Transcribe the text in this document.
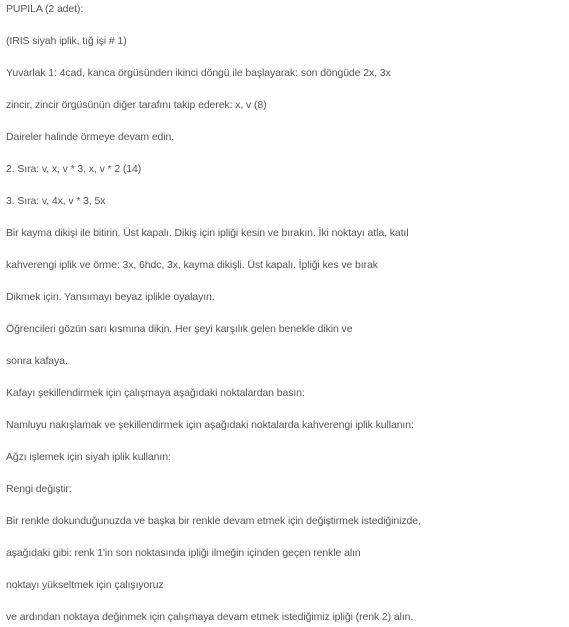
PUPILA (2 adet):
(IRIS siyah iplik, tığ işi # 1)
Yuvarlak 1: 4cad, kanca örgüsünden ikinci döngü ile başlayarak: son döngüde 2x, 3x
zincir, zincir örgüsünün diğer tarafını takip ederek: x, v (8)
Daireler halinde örmeye devam edin.
2. Sıra: v, x, v * 3, x, v * 2 (14)
3. Sıra: v, 4x, v * 3, 5x
Bir kayma dikişi ile bitirin. Üst kapalı. Dikiş için ipliği kesin ve bırakın. İki noktayı atla, katıl
kahverengi iplik ve örme: 3x, 6hdc, 3x, kayma dikişli. Üst kapalı. İpliği kes ve bırak
Dikmek için. Yansımayı beyaz iplikle oyalayın.
Öğrencileri gözün sarı kısmına dikin. Her şeyi karşılık gelen benekle dikin ve
sonra kafaya.
Kafayı şekillendirmek için çalışmaya aşağıdaki noktalardan basın:
Namluyu nakışlamak ve şekillendirmek için aşağıdaki noktalarda kahverengi iplik kullanın:
Ağzı işlemek için siyah iplik kullanın:
Rengi değiştir:
Bir renkle dokunduğunuzda ve başka bir renkle devam etmek için değiştirmek istediğinizde,
aşağıdaki gibi: renk 1'in son noktasında ipliği ilmeğin içinden geçen renkle alın
noktayı yükseltmek için çalışıyoruz
ve ardından noktaya değinmek için çalışmaya devam etmek istediğimiz ipliği (renk 2) alın.
